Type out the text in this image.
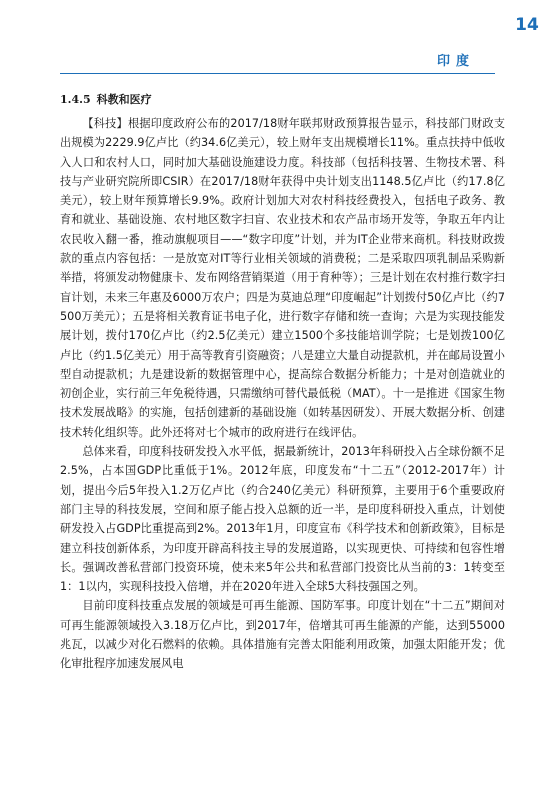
印度
14
1.4.5 科教和医疗

【科技】根据印度政府公布的2017/18财年联邦财政预算报告显示，科技部门财政支出规模为2229.9亿卢比（约34.6亿美元），较上财年支出规模增长11%。重点扶持中低收入人口和农村人口，同时加大基础设施建设力度。科技部（包括科技署、生物技术署、科技与产业研究院所即CSIR）在2017/18财年获得中央计划支出1148.5亿卢比（约17.8亿美元），较上财年预算增长9.9%。政府计划加大对农村科技经费投入，包括电子政务、教育和就业、基础设施、农村地区数字扫盲、农业技术和农产品市场开发等，争取五年内让农民收入翻一番，推动旗舰项目——“数字印度”计划，并为IT企业带来商机。科技财政拨款的重点内容包括：一是放宽对IT等行业相关领域的消费税；二是采取四项乳制品采购新举措，将颁发动物健康卡、发布网络营销渠道（用于育种等）；三是计划在农村推行数字扫盲计划，未来三年惠及6000万农户；四是为莫迪总理“印度崛起”计划拨付50亿卢比（约7500万美元）；五是将相关教育证书电子化，进行数字存储和统一查询；六是为实现技能发展计划，拨付170亿卢比（约2.5亿美元）建立1500个多技能培训学院；七是划拨100亿卢比（约1.5亿美元）用于高等教育引资融资；八是建立大量自动提款机，并在邮局设置小型自动提款机；九是建设新的数据管理中心，提高综合数据分析能力；十是对创造就业的初创企业，实行前三年免税待遇，只需缴纳可替代最低税（MAT）。十一是推进《国家生物技术发展战略》的实施，包括创建新的基础设施（如转基因研发）、开展大数据分析、创建技术转化组织等。此外还将对七个城市的政府进行在线评估。

总体来看，印度科技研发投入水平低，据最新统计，2013年科研投入占全球份额不足2.5%，占本国GDP比重低于1%。2012年底，印度发布“十二五”（2012-2017年）计划，提出今后5年投入1.2万亿卢比（约合240亿美元）科研预算，主要用于6个重要政府部门主导的科技发展，空间和原子能占投入总额的近一半，是印度科研投入重点，计划使研发投入占GDP比重提高到2%。2013年1月，印度宣布《科学技术和创新政策》，目标是建立科技创新体系，为印度开辟高科技主导的发展道路，以实现更快、可持续和包容性增长。强调改善私营部门投资环境，使未来5年公共和私营部门投资比从当前的3：1转变至1：1以内，实现科技投入倍增，并在2020年进入全球5大科技强国之列。

目前印度科技重点发展的领域是可再生能源、国防军事。印度计划在“十二五”期间对可再生能源领域投入3.18万亿卢比，到2017年，倍增其可再生能源的产能，达到55000兆瓦，以减少对化石燃料的依赖。具体措施有完善太阳能利用政策，加强太阳能开发；优化审批程序加速发展风电
